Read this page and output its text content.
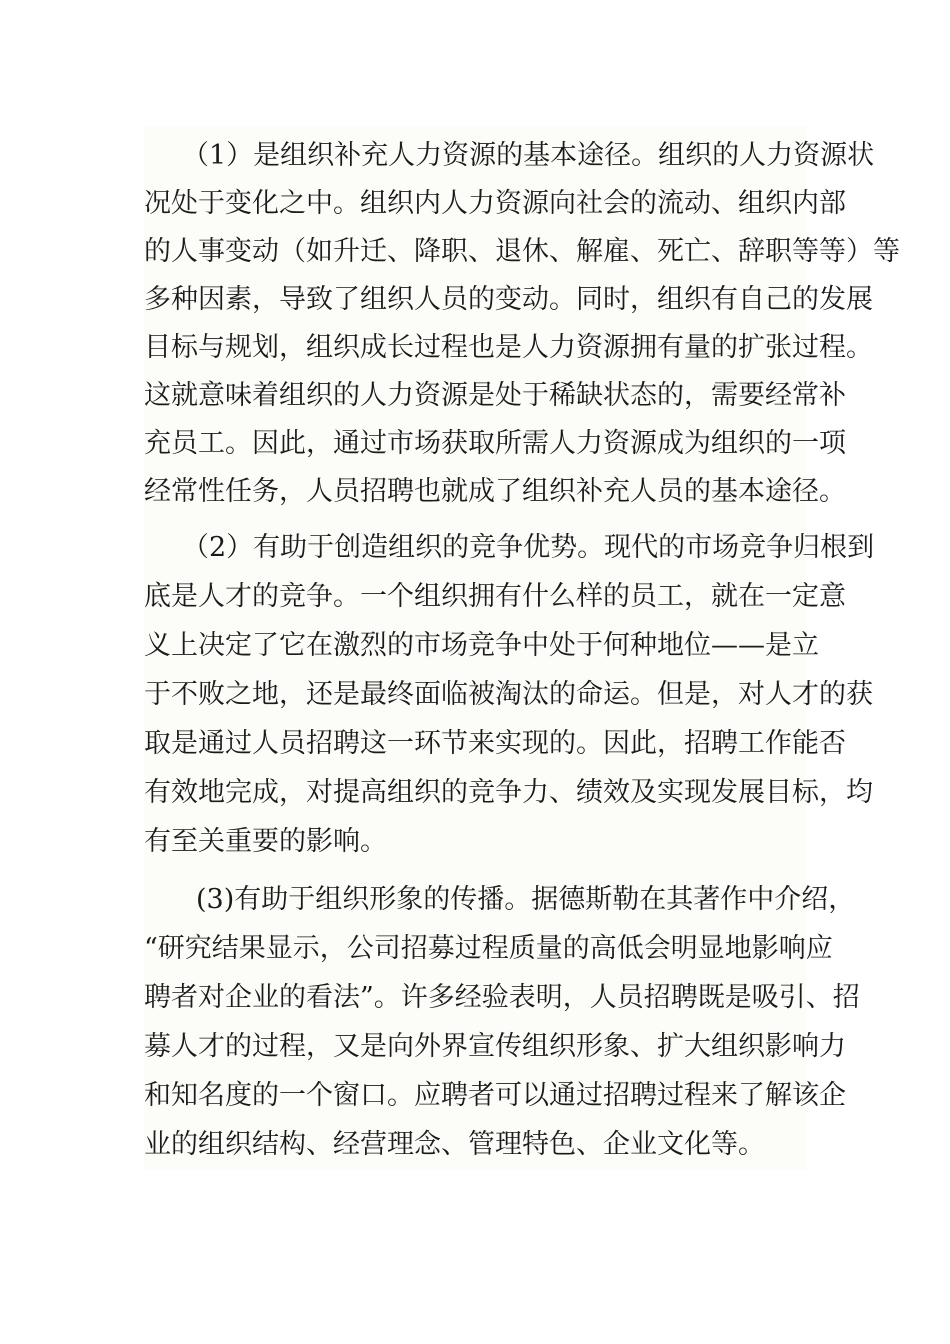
（1）是组织补充人力资源的基本途径。组织的人力资源状
况处于变化之中。组织内人力资源向社会的流动、组织内部
的人事变动（如升迁、降职、退休、解雇、死亡、辞职等等）等
多种因素，导致了组织人员的变动。同时，组织有自己的发展
目标与规划，组织成长过程也是人力资源拥有量的扩张过程。
这就意味着组织的人力资源是处于稀缺状态的，需要经常补
充员工。因此，通过市场获取所需人力资源成为组织的一项
经常性任务，人员招聘也就成了组织补充人员的基本途径。
（2）有助于创造组织的竞争优势。现代的市场竞争归根到
底是人才的竞争。一个组织拥有什么样的员工，就在一定意
义上决定了它在激烈的市场竞争中处于何种地位——是立
于不败之地，还是最终面临被淘汰的命运。但是，对人才的获
取是通过人员招聘这一环节来实现的。因此，招聘工作能否
有效地完成，对提高组织的竞争力、绩效及实现发展目标，均
有至关重要的影响。
(3)有助于组织形象的传播。据德斯勒在其著作中介绍，
“研究结果显示，公司招募过程质量的高低会明显地影响应
聘者对企业的看法”。许多经验表明，人员招聘既是吸引、招
募人才的过程，又是向外界宣传组织形象、扩大组织影响力
和知名度的一个窗口。应聘者可以通过招聘过程来了解该企
业的组织结构、经营理念、管理特色、企业文化等。
